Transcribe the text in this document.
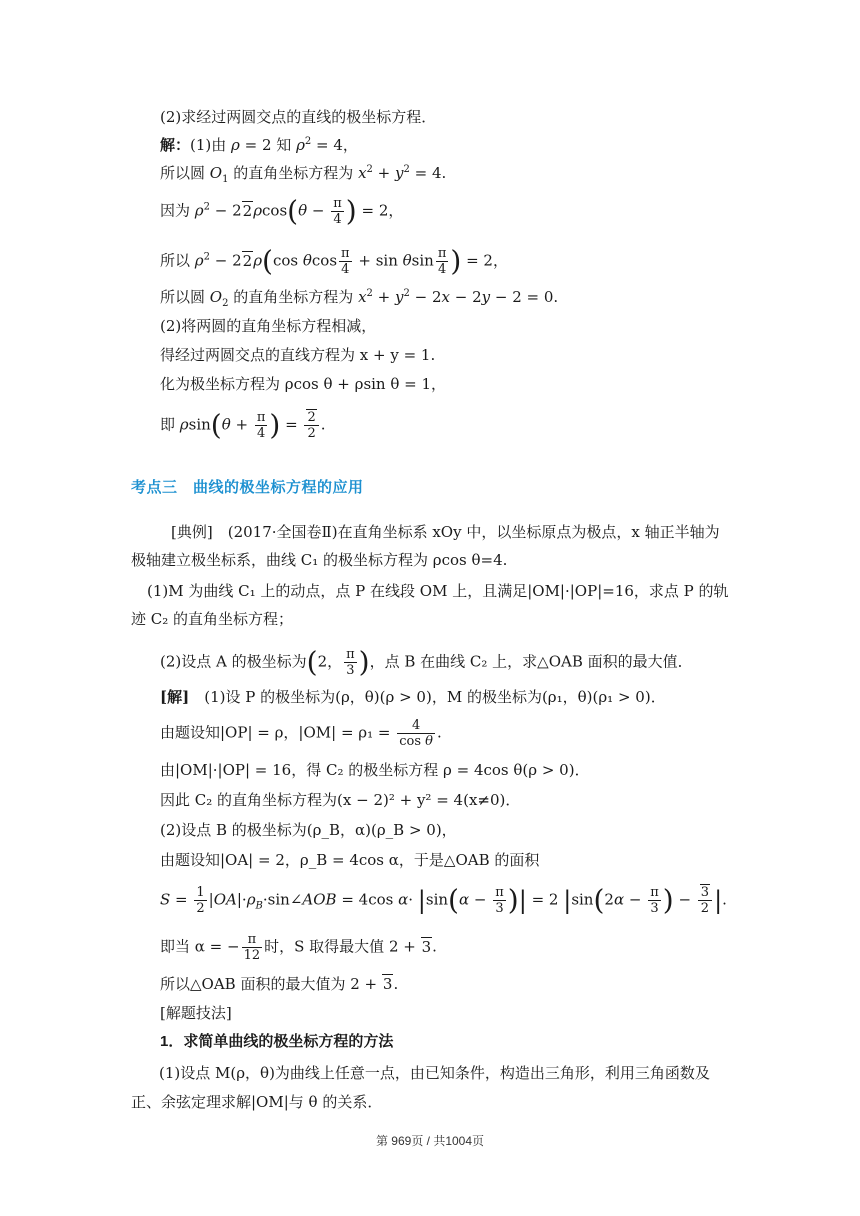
(2)求经过两圆交点的直线的极坐标方程．
解：(1)由 ρ = 2 知 $\rho^2 = 4$，
所以圆 $O_1$ 的直角坐标方程为 $x^2 + y^2 = 4$.
因为 $\rho^2 - 22\rho\cos(\theta - \frac{\pi}{4}$ ) = 2，
所以 $\rho^2 - 22\rho(\cos$ θcos $\frac{\pi}{4} + \sin \theta\sin \frac{\pi}{4}$ ) = 2，
所以圆 $O_2$ 的直角坐标方程为 $x^2 + y^2 - 2x - 2y - 2 = 0$.
(2)将两圆的直角坐标方程相减，
得经过两圆交点的直线方程为 x + y = 1.
化为极坐标方程为 ρcos θ + ρsin θ = 1，
即 $\rho\sin(\theta + \frac{\pi}{4}$ ) = $\frac{2}{2}$ .
考点三　曲线的极坐标方程的应用
[典例]　 (2017·全国卷Ⅱ)在直角坐标系 xOy 中，以坐标原点为极点，x 轴正半轴为极轴建立极坐标系，曲线 C₁ 的极坐标方程为 ρcos θ=4.
(1)M 为曲线 C₁ 上的动点，点 P 在线段 OM 上，且满足|OM|·|OP|=16，求点 P 的轨迹 C₂ 的直角坐标方程；
(2)设点 A 的极坐标为(2， $\frac{\pi}{3}$ )，点 B 在曲线 C₂ 上，求△OAB 面积的最大值．
[解]　 (1)设 P 的极坐标为(ρ，θ)(ρ > 0)，M 的极坐标为(ρ₁，θ)(ρ₁ > 0)．
由题设知|OP| = ρ，$|OM| = \rho_1 = \frac{4}{\text{cos θ}}$ .
由|OM|·|OP| = 16，得 C₂ 的极坐标方程 ρ = 4cos θ(ρ > 0)．
因此 C₂ 的直角坐标方程为(x − 2)² + y² = 4(x≠0)．
(2)设点 B 的极坐标为(ρ_B，α)(ρ_B > 0)，
由题设知|OA| = 2，ρ_B = 4cos α，于是△OAB 的面积
$S = \frac{1}{2}$ $|OA|\cdot\rho_B\cdot\sin\angle AOB = 4\cos$ $\alpha\cdot |\sin(\alpha - \frac{\pi}{3}$ )| = 2 $|\sin(2\alpha - \frac{\pi}{3}$ ) − $\frac{3}{2}$ |.
即当 α = − $\frac{\pi}{12}$ 时，S 取得最大值 2 + 3.
所以△OAB 面积的最大值为 2 + 3.
[解题技法]
1．求简单曲线的极坐标方程的方法
(1)设点 M(ρ，θ)为曲线上任意一点，由已知条件，构造出三角形，利用三角函数及正、余弦定理求解|OM|与 θ 的关系．
第 969页 / 共1004页
